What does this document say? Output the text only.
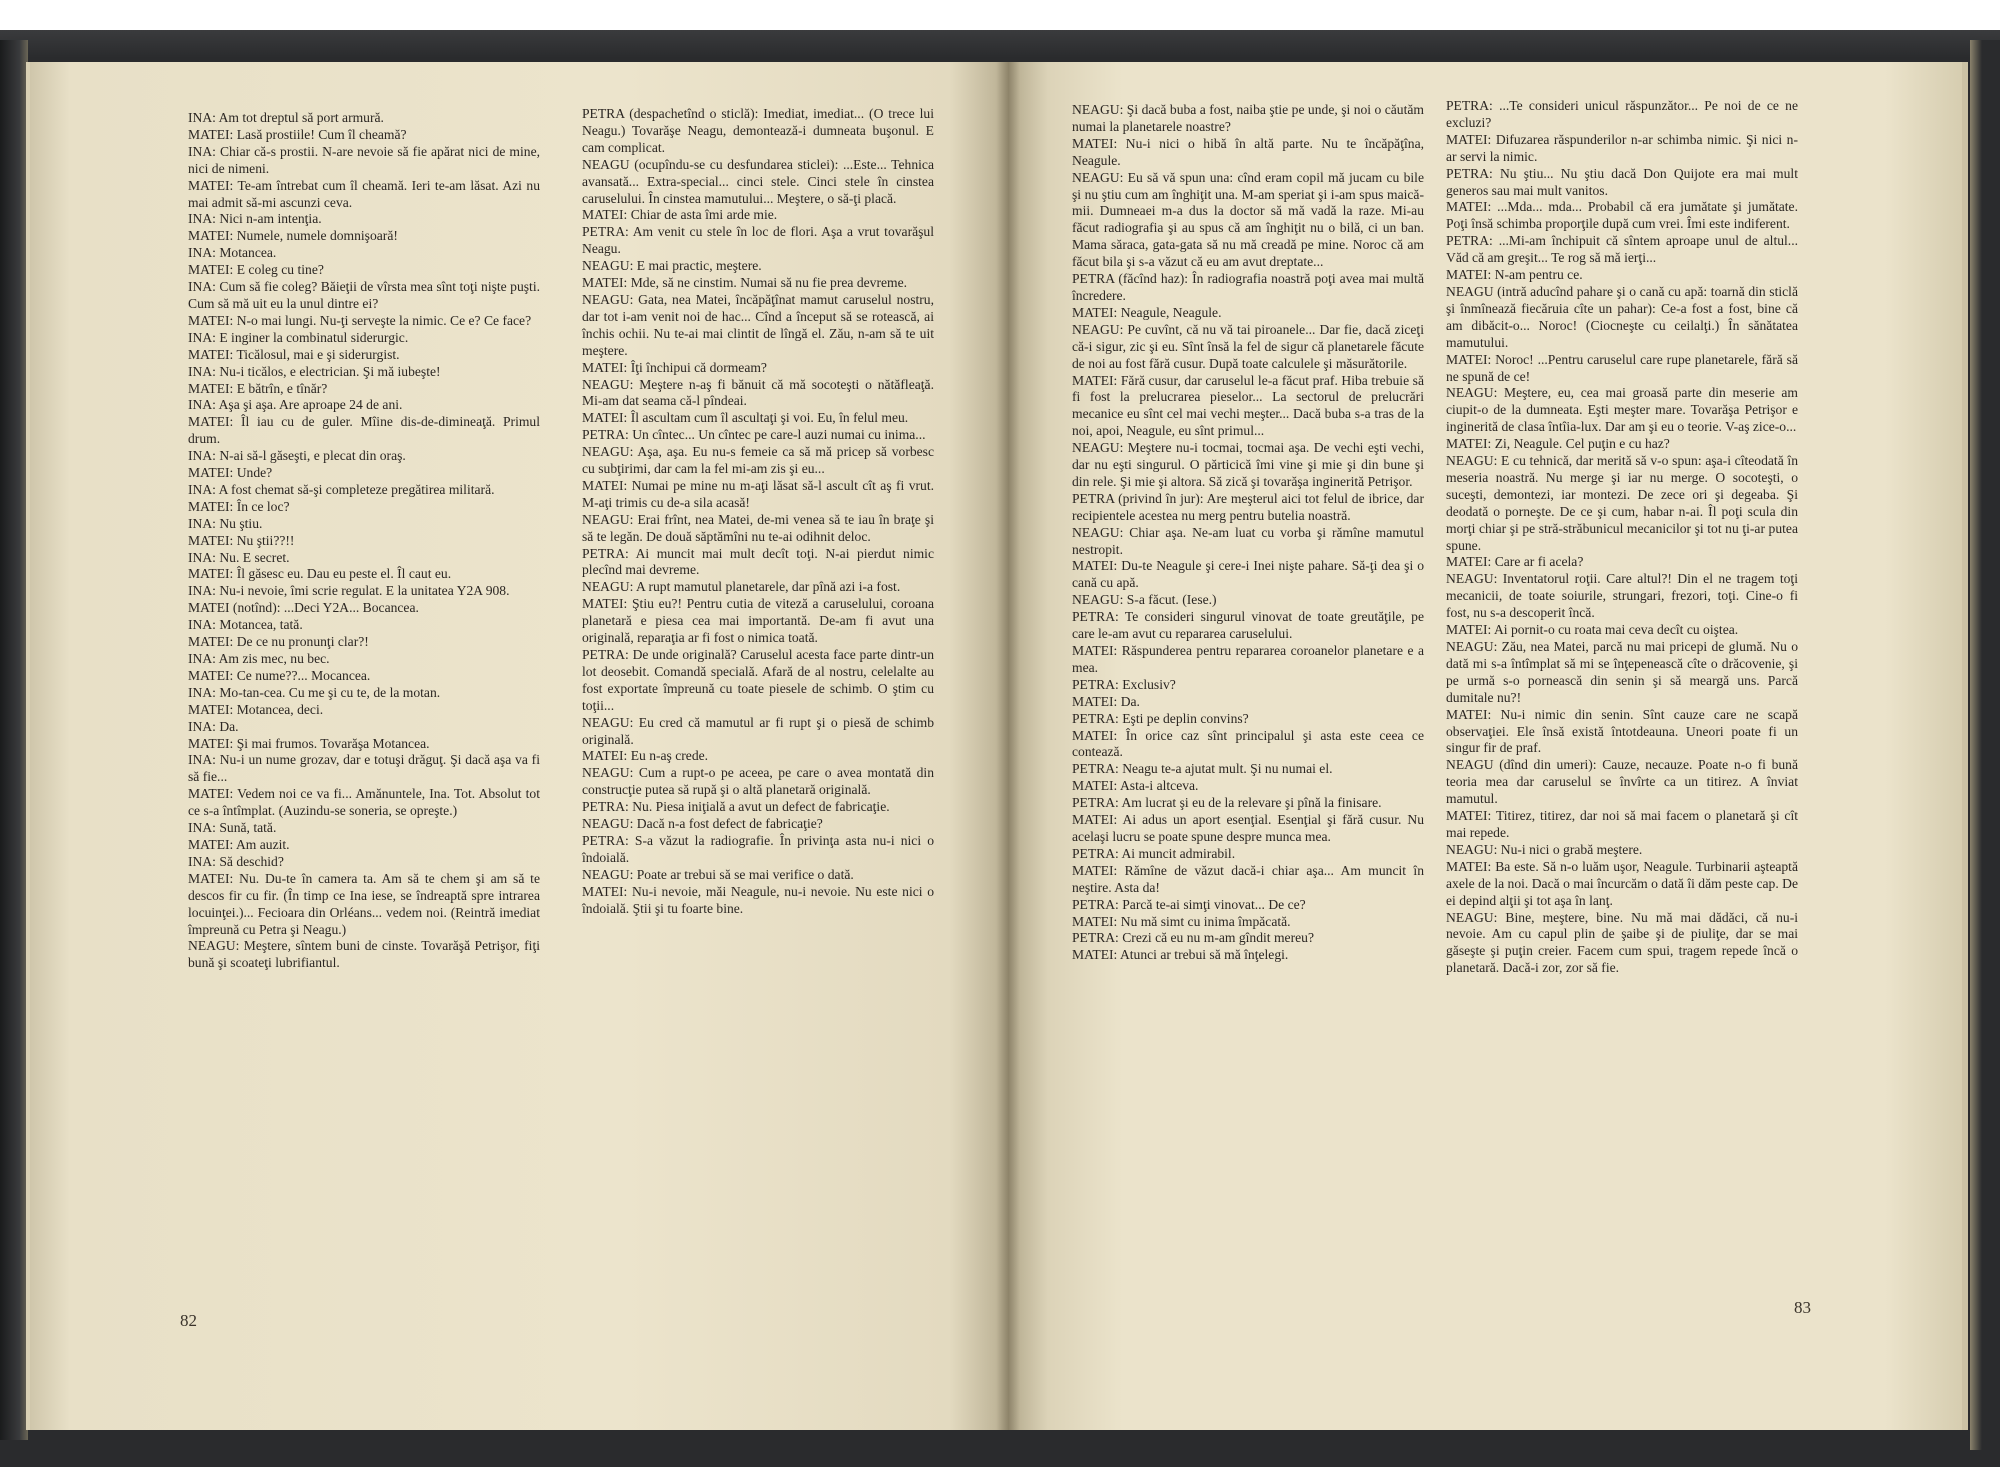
INA: Am tot dreptul să port armură.

MATEI: Lasă prostiile! Cum îl cheamă?

INA: Chiar că-s prostii. N-are nevoie să fie apărat nici de mine, nici de nimeni.

MATEI: Te-am întrebat cum îl cheamă. Ieri te-am lăsat. Azi nu mai admit să-mi ascunzi ceva.

INA: Nici n-am intenţia.

MATEI: Numele, numele domnişoară!

INA: Motancea.

MATEI: E coleg cu tine?

INA: Cum să fie coleg? Băieţii de vîrsta mea sînt toţi nişte puşti. Cum să mă uit eu la unul dintre ei?

MATEI: N-o mai lungi. Nu-ţi serveşte la nimic. Ce e? Ce face?

INA: E inginer la combinatul siderurgic.

MATEI: Ticălosul, mai e şi siderurgist.

INA: Nu-i ticălos, e electrician. Şi mă iubeşte!

MATEI: E bătrîn, e tînăr?

INA: Aşa şi aşa. Are aproape 24 de ani.

MATEI: Îl iau cu de guler. Mîine dis-de-dimineaţă. Primul drum.

INA: N-ai să-l găseşti, e plecat din oraş.

MATEI: Unde?

INA: A fost chemat să-şi completeze pregătirea militară.

MATEI: În ce loc?

INA: Nu ştiu.

MATEI: Nu ştii??!!

INA: Nu. E secret.

MATEI: Îl găsesc eu. Dau eu peste el. Îl caut eu.

INA: Nu-i nevoie, îmi scrie regulat. E la unitatea Y2A 908.

MATEI (notînd): ...Deci Y2A... Bocancea.

INA: Motancea, tată.

MATEI: De ce nu pronunţi clar?!

INA: Am zis mec, nu bec.

MATEI: Ce nume??... Mocancea.

INA: Mo-tan-cea. Cu me şi cu te, de la motan.

MATEI: Motancea, deci.

INA: Da.

MATEI: Şi mai frumos. Tovarăşa Motancea.

INA: Nu-i un nume grozav, dar e totuşi drăguţ. Şi dacă aşa va fi să fie...

MATEI: Vedem noi ce va fi... Amănuntele, Ina. Tot. Absolut tot ce s-a întîmplat. (Auzindu-se soneria, se opreşte.)

INA: Sună, tată.

MATEI: Am auzit.

INA: Să deschid?

MATEI: Nu. Du-te în camera ta. Am să te chem şi am să te descos fir cu fir. (În timp ce Ina iese, se îndreaptă spre intrarea locuinţei.)... Fecioara din Orléans... vedem noi. (Reintră imediat împreună cu Petra şi Neagu.)

NEAGU: Meştere, sîntem buni de cinste. Tovarăşă Petrişor, fiţi bună şi scoateţi lubrifiantul.

PETRA (despachetînd o sticlă): Imediat, imediat... (O trece lui Neagu.) Tovarăşe Neagu, demontează-i dumneata buşonul. E cam complicat.

NEAGU (ocupîndu-se cu desfundarea sticlei): ...Este... Tehnica avansată... Extra-special... cinci stele. Cinci stele în cinstea caruselului. În cinstea mamutului... Meştere, o să-ţi placă.

MATEI: Chiar de asta îmi arde mie.

PETRA: Am venit cu stele în loc de flori. Aşa a vrut tovarăşul Neagu.

NEAGU: E mai practic, meştere.

MATEI: Mde, să ne cinstim. Numai să nu fie prea devreme.

NEAGU: Gata, nea Matei, încăpăţînat mamut caruselul nostru, dar tot i-am venit noi de hac... Cînd a început să se rotească, ai închis ochii. Nu te-ai mai clintit de lîngă el. Zău, n-am să te uit meştere.

MATEI: Îţi închipui că dormeam?

NEAGU: Meştere n-aş fi bănuit că mă socoteşti o nătăfleaţă. Mi-am dat seama că-l pîndeai.

MATEI: Îl ascultam cum îl ascultaţi şi voi. Eu, în felul meu.

PETRA: Un cîntec... Un cîntec pe care-l auzi numai cu inima...

NEAGU: Aşa, aşa. Eu nu-s femeie ca să mă pricep să vorbesc cu subţirimi, dar cam la fel mi-am zis şi eu...

MATEI: Numai pe mine nu m-aţi lăsat să-l ascult cît aş fi vrut. M-aţi trimis cu de-a sila acasă!

NEAGU: Erai frînt, nea Matei, de-mi venea să te iau în braţe şi să te legăn. De două săptămîni nu te-ai odihnit deloc.

PETRA: Ai muncit mai mult decît toţi. N-ai pierdut nimic plecînd mai devreme.

NEAGU: A rupt mamutul planetarele, dar pînă azi i-a fost.

MATEI: Ştiu eu?! Pentru cutia de viteză a caruselului, coroana planetară e piesa cea mai importantă. De-am fi avut una originală, reparaţia ar fi fost o nimica toată.

PETRA: De unde originală? Caruselul acesta face parte dintr-un lot deosebit. Comandă specială. Afară de al nostru, celelalte au fost exportate împreună cu toate piesele de schimb. O ştim cu toţii...

NEAGU: Eu cred că mamutul ar fi rupt şi o piesă de schimb originală.

MATEI: Eu n-aş crede.

NEAGU: Cum a rupt-o pe aceea, pe care o avea montată din construcţie putea să rupă şi o altă planetară originală.

PETRA: Nu. Piesa iniţială a avut un defect de fabricaţie.

NEAGU: Dacă n-a fost defect de fabricaţie?

PETRA: S-a văzut la radiografie. În privinţa asta nu-i nici o îndoială.

NEAGU: Poate ar trebui să se mai verifice o dată.

MATEI: Nu-i nevoie, măi Neagule, nu-i nevoie. Nu este nici o îndoială. Ştii şi tu foarte bine.

82

NEAGU: Şi dacă buba a fost, naiba ştie pe unde, şi noi o căutăm numai la planetarele noastre?

MATEI: Nu-i nici o hibă în altă parte. Nu te încăpăţîna, Neagule.

NEAGU: Eu să vă spun una: cînd eram copil mă jucam cu bile şi nu ştiu cum am înghiţit una. M-am speriat şi i-am spus maică-mii. Dumneaei m-a dus la doctor să mă vadă la raze. Mi-au făcut radiografia şi au spus că am înghiţit nu o bilă, ci un ban. Mama săraca, gata-gata să nu mă creadă pe mine. Noroc că am făcut bila şi s-a văzut că eu am avut dreptate...

PETRA (făcînd haz): În radiografia noastră poţi avea mai multă încredere.

MATEI: Neagule, Neagule.

NEAGU: Pe cuvînt, că nu vă tai piroanele... Dar fie, dacă ziceţi că-i sigur, zic şi eu. Sînt însă la fel de sigur că planetarele făcute de noi au fost fără cusur. După toate calculele şi măsurătorile.

MATEI: Fără cusur, dar caruselul le-a făcut praf. Hiba trebuie să fi fost la prelucrarea pieselor... La sectorul de prelucrări mecanice eu sînt cel mai vechi meşter... Dacă buba s-a tras de la noi, apoi, Neagule, eu sînt primul...

NEAGU: Meştere nu-i tocmai, tocmai aşa. De vechi eşti vechi, dar nu eşti singurul. O părticică îmi vine şi mie şi din bune şi din rele. Şi mie şi altora. Să zică şi tovarăşa inginerită Petrişor.

PETRA (privind în jur): Are meşterul aici tot felul de ibrice, dar recipientele acestea nu merg pentru butelia noastră.

NEAGU: Chiar aşa. Ne-am luat cu vorba şi rămîne mamutul nestropit.

MATEI: Du-te Neagule şi cere-i Inei nişte pahare. Să-ţi dea şi o cană cu apă.

NEAGU: S-a făcut. (Iese.)

PETRA: Te consideri singurul vinovat de toate greutăţile, pe care le-am avut cu repararea caruselului.

MATEI: Răspunderea pentru repararea coroanelor planetare e a mea.

PETRA: Exclusiv?

MATEI: Da.

PETRA: Eşti pe deplin convins?

MATEI: În orice caz sînt principalul şi asta este ceea ce contează.

PETRA: Neagu te-a ajutat mult. Şi nu numai el.

MATEI: Asta-i altceva.

PETRA: Am lucrat şi eu de la relevare şi pînă la finisare.

MATEI: Ai adus un aport esenţial. Esenţial şi fără cusur. Nu acelaşi lucru se poate spune despre munca mea.

PETRA: Ai muncit admirabil.

MATEI: Rămîne de văzut dacă-i chiar aşa... Am muncit în neştire. Asta da!

PETRA: Parcă te-ai simţi vinovat... De ce?

MATEI: Nu mă simt cu inima împăcată.

PETRA: Crezi că eu nu m-am gîndit mereu?

MATEI: Atunci ar trebui să mă înţelegi.

PETRA: ...Te consideri unicul răspunzător... Pe noi de ce ne excluzi?

MATEI: Difuzarea răspunderilor n-ar schimba nimic. Şi nici n-ar servi la nimic.

PETRA: Nu ştiu... Nu ştiu dacă Don Quijote era mai mult generos sau mai mult vanitos.

MATEI: ...Mda... mda... Probabil că era jumătate şi jumătate. Poţi însă schimba proporţile după cum vrei. Îmi este indiferent.

PETRA: ...Mi-am închipuit că sîntem aproape unul de altul... Văd că am greşit... Te rog să mă ierţi...

MATEI: N-am pentru ce.

NEAGU (intră aducînd pahare şi o cană cu apă: toarnă din sticlă şi înmînează fiecăruia cîte un pahar): Ce-a fost a fost, bine că am dibăcit-o... Noroc! (Ciocneşte cu ceilalţi.) În sănătatea mamutului.

MATEI: Noroc! ...Pentru caruselul care rupe planetarele, fără să ne spună de ce!

NEAGU: Meştere, eu, cea mai groasă parte din meserie am ciupit-o de la dumneata. Eşti meşter mare. Tovarăşa Petrişor e inginerită de clasa întîia-lux. Dar am şi eu o teorie. V-aş zice-o...

MATEI: Zi, Neagule. Cel puţin e cu haz?

NEAGU: E cu tehnică, dar merită să v-o spun: aşa-i cîteodată în meseria noastră. Nu merge şi iar nu merge. O socoteşti, o suceşti, demontezi, iar montezi. De zece ori şi degeaba. Şi deodată o porneşte. De ce şi cum, habar n-ai. Îl poţi scula din morţi chiar şi pe stră-străbunicul mecanicilor şi tot nu ţi-ar putea spune.

MATEI: Care ar fi acela?

NEAGU: Inventatorul roţii. Care altul?! Din el ne tragem toţi mecanicii, de toate soiurile, strungari, frezori, toţi. Cine-o fi fost, nu s-a descoperit încă.

MATEI: Ai pornit-o cu roata mai ceva decît cu oiştea.

NEAGU: Zău, nea Matei, parcă nu mai pricepi de glumă. Nu o dată mi s-a întîmplat să mi se înţepenească cîte o drăcovenie, şi pe urmă s-o pornească din senin şi să meargă uns. Parcă dumitale nu?!

MATEI: Nu-i nimic din senin. Sînt cauze care ne scapă observaţiei. Ele însă există întotdeauna. Uneori poate fi un singur fir de praf.

NEAGU (dînd din umeri): Cauze, necauze. Poate n-o fi bună teoria mea dar caruselul se învîrte ca un titirez. A înviat mamutul.

MATEI: Titirez, titirez, dar noi să mai facem o planetară şi cît mai repede.

NEAGU: Nu-i nici o grabă meştere.

MATEI: Ba este. Să n-o luăm uşor, Neagule. Turbinarii aşteaptă axele de la noi. Dacă o mai încurcăm o dată îi dăm peste cap. De ei depind alţii şi tot aşa în lanţ.

NEAGU: Bine, meştere, bine. Nu mă mai dădăci, că nu-i nevoie. Am cu capul plin de şaibe şi de piuliţe, dar se mai găseşte şi puţin creier. Facem cum spui, tragem repede încă o planetară. Dacă-i zor, zor să fie.

83
